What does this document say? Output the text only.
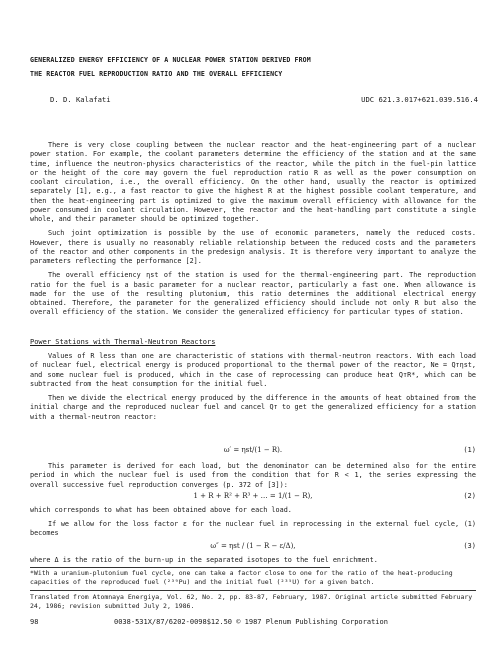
GENERALIZED ENERGY EFFICIENCY OF A NUCLEAR POWER STATION DERIVED FROM
THE REACTOR FUEL REPRODUCTION RATIO AND THE OVERALL EFFICIENCY
D. D. Kalafati	UDC 621.3.017+621.039.516.4

There is very close coupling between the nuclear reactor and the heat-engineering part of a nuclear power station. For example, the coolant parameters determine the efficiency of the station and at the same time, influence the neutron-physics characteristics of the reactor, while the pitch in the fuel-pin lattice or the height of the core may govern the fuel reproduction ratio R as well as the power consumption on coolant circulation, i.e., the overall efficiency. On the other hand, usually the reactor is optimized separately [1], e.g., a fast reactor to give the highest R at the highest possible coolant temperature, and then the heat-engineering part is optimized to give the maximum overall efficiency with allowance for the power consumed in coolant circulation. However, the reactor and the heat-handling part constitute a single whole, and their parameter should be optimized together.

Such joint optimization is possible by the use of economic parameters, namely the reduced costs. However, there is usually no reasonably reliable relationship between the reduced costs and the parameters of the reactor and other components in the predesign analysis. It is therefore very important to analyze the parameters reflecting the performance [2].

The overall efficiency ηst of the station is used for the thermal-engineering part. The reproduction ratio for the fuel is a basic parameter for a nuclear reactor, particularly a fast one. When allowance is made for the use of the resulting plutonium, this ratio determines the additional electrical energy obtained. Therefore, the parameter for the generalized efficiency should include not only R but also the overall efficiency of the station. We consider the generalized efficiency for particular types of station.

Power Stations with Thermal-Neutron Reactors

Values of R less than one are characteristic of stations with thermal-neutron reactors. With each load of nuclear fuel, electrical energy is produced proportional to the thermal power of the reactor, Ne = Qтηst, and some nuclear fuel is produced, which in the case of reprocessing can produce heat QтR*, which can be subtracted from the heat consumption for the initial fuel.

Then we divide the electrical energy produced by the difference in the amounts of heat obtained from the initial charge and the reproduced nuclear fuel and cancel Qт to get the generalized efficiency for a station with a thermal-neutron reactor:

ω′ = ηst/(1 − R).	(1)

This parameter is derived for each load, but the denominator can be determined also for the entire period in which the nuclear fuel is used from the condition that for R < 1, the series expressing the overall successive fuel reproduction converges (p. 372 of [3]):

1 + R + R² + R³ + … = 1/(1 − R),	(2)

which corresponds to what has been obtained above for each load.

If we allow for the loss factor ε for the nuclear fuel in reprocessing in the external fuel cycle, (1) becomes

ω″ = ηst / (1 − R − ε/Δ),	(3)

where Δ is the ratio of the burn-up in the separated isotopes to the fuel enrichment.

*With a uranium-plutonium fuel cycle, one can take a factor close to one for the ratio of the heat-producing capacities of the reproduced fuel (²³⁹Pu) and the initial fuel (²³⁵U) for a given batch.
Translated from Atomnaya Energiya, Vol. 62, No. 2, pp. 83-87, February, 1987. Original article submitted February 24, 1986; revision submitted July 2, 1986.
98	0038-531X/87/6202-0098$12.50 © 1987 Plenum Publishing Corporation
